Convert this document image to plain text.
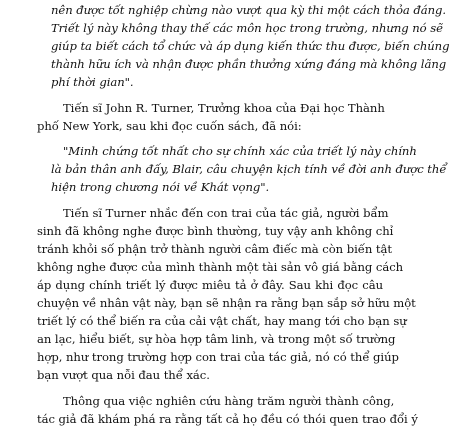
nên được tốt nghiệp chừng nào vượt qua kỳ thi một cách thỏa đáng.
Triết lý này không thay thế các môn học trong trường, nhưng nó sẽ
giúp ta biết cách tổ chức và áp dụng kiến thức thu được, biến chúng
thành hữu ích và nhận được phần thưởng xứng đáng mà không lãng
phí thời gian".
Tiến sĩ John R. Turner, Trưởng khoa của Đại học Thành
phố New York, sau khi đọc cuốn sách, đã nói:
"Minh chứng tốt nhất cho sự chính xác của triết lý này chính
là bản thân anh đấy, Blair, câu chuyện kịch tính về đời anh được thể
hiện trong chương nói về Khát vọng".
Tiến sĩ Turner nhắc đến con trai của tác giả, người bẩm
sinh đã không nghe được bình thường, tuy vậy anh không chỉ
tránh khỏi số phận trở thành người câm điếc mà còn biến tật
không nghe được của mình thành một tài sản vô giá bằng cách
áp dụng chính triết lý được miêu tả ở đây. Sau khi đọc câu
chuyện về nhân vật này, bạn sẽ nhận ra rằng bạn sắp sở hữu một
triết lý có thể biến ra của cải vật chất, hay mang tới cho bạn sự
an lạc, hiểu biết, sự hòa hợp tâm linh, và trong một số trường
hợp, như trong trường hợp con trai của tác giả, nó có thể giúp
bạn vượt qua nỗi đau thể xác.
Thông qua việc nghiên cứu hàng trăm người thành công,
tác giả đã khám phá ra rằng tất cả họ đều có thói quen trao đổi ý
